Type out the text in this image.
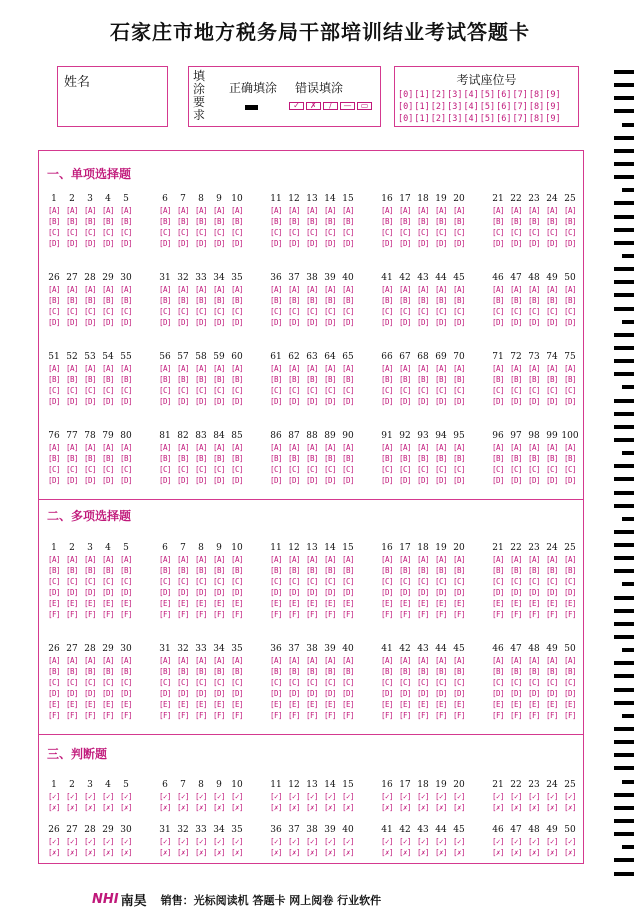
石家庄市地方税务局干部培训结业考试答题卡
姓名	填涂要求
正确填涂 错误填涂
✓	✗	/	—	▭
考试座位号
[0] [1] [2] [3] [4] [5] [6] [7] [8] [9]
[0] [1] [2] [3] [4] [5] [6] [7] [8] [9]
[0] [1] [2] [3] [4] [5] [6] [7] [8] [9]
一、单项选择题
1	2	3	4	5
[A] [A] [A] [A] [A]
[B] [B] [B] [B] [B]
[C] [C] [C] [C] [C]
[D] [D] [D] [D] [D]
6	7	8	9	10
[A] [A] [A] [A] [A]
[B] [B] [B] [B] [B]
[C] [C] [C] [C] [C]
[D] [D] [D] [D] [D]
11 12 13 14 15
[A] [A] [A] [A] [A]
[B] [B] [B] [B] [B]
[C] [C] [C] [C] [C]
[D] [D] [D] [D] [D]
16 17 18 19 20
[A] [A] [A] [A] [A]
[B] [B] [B] [B] [B]
[C] [C] [C] [C] [C]
[D] [D] [D] [D] [D]
21 22 23 24 25
[A] [A] [A] [A] [A]
[B] [B] [B] [B] [B]
[C] [C] [C] [C] [C]
[D] [D] [D] [D] [D]
26 27 28 29 30
[A] [A] [A] [A] [A]
[B] [B] [B] [B] [B]
[C] [C] [C] [C] [C]
[D] [D] [D] [D] [D]
31 32 33 34 35
[A] [A] [A] [A] [A]
[B] [B] [B] [B] [B]
[C] [C] [C] [C] [C]
[D] [D] [D] [D] [D]
36 37 38 39 40
[A] [A] [A] [A] [A]
[B] [B] [B] [B] [B]
[C] [C] [C] [C] [C]
[D] [D] [D] [D] [D]
41 42 43 44 45
[A] [A] [A] [A] [A]
[B] [B] [B] [B] [B]
[C] [C] [C] [C] [C]
[D] [D] [D] [D] [D]
46 47 48 49 50
[A] [A] [A] [A] [A]
[B] [B] [B] [B] [B]
[C] [C] [C] [C] [C]
[D] [D] [D] [D] [D]
51 52 53 54 55
[A] [A] [A] [A] [A]
[B] [B] [B] [B] [B]
[C] [C] [C] [C] [C]
[D] [D] [D] [D] [D]
56 57 58 59 60
[A] [A] [A] [A] [A]
[B] [B] [B] [B] [B]
[C] [C] [C] [C] [C]
[D] [D] [D] [D] [D]
61 62 63 64 65
[A] [A] [A] [A] [A]
[B] [B] [B] [B] [B]
[C] [C] [C] [C] [C]
[D] [D] [D] [D] [D]
66 67 68 69 70
[A] [A] [A] [A] [A]
[B] [B] [B] [B] [B]
[C] [C] [C] [C] [C]
[D] [D] [D] [D] [D]
71 72 73 74 75
[A] [A] [A] [A] [A]
[B] [B] [B] [B] [B]
[C] [C] [C] [C] [C]
[D] [D] [D] [D] [D]
76 77 78 79 80
[A] [A] [A] [A] [A]
[B] [B] [B] [B] [B]
[C] [C] [C] [C] [C]
[D] [D] [D] [D] [D]
81 82 83 84 85
[A] [A] [A] [A] [A]
[B] [B] [B] [B] [B]
[C] [C] [C] [C] [C]
[D] [D] [D] [D] [D]
86 87 88 89 90
[A] [A] [A] [A] [A]
[B] [B] [B] [B] [B]
[C] [C] [C] [C] [C]
[D] [D] [D] [D] [D]
91 92 93 94 95
[A] [A] [A] [A] [A]
[B] [B] [B] [B] [B]
[C] [C] [C] [C] [C]
[D] [D] [D] [D] [D]
96 97 98 99 100
[A] [A] [A] [A] [A]
[B] [B] [B] [B] [B]
[C] [C] [C] [C] [C]
[D] [D] [D] [D] [D]
二、多项选择题
1	2	3	4	5
[A] [A] [A] [A] [A]
[B] [B] [B] [B] [B]
[C] [C] [C] [C] [C]
[D] [D] [D] [D] [D]
[E] [E] [E] [E] [E]
[F] [F] [F] [F] [F]
6	7	8	9	10
[A] [A] [A] [A] [A]
[B] [B] [B] [B] [B]
[C] [C] [C] [C] [C]
[D] [D] [D] [D] [D]
[E] [E] [E] [E] [E]
[F] [F] [F] [F] [F]
11 12 13 14 15
[A] [A] [A] [A] [A]
[B] [B] [B] [B] [B]
[C] [C] [C] [C] [C]
[D] [D] [D] [D] [D]
[E] [E] [E] [E] [E]
[F] [F] [F] [F] [F]
16 17 18 19 20
[A] [A] [A] [A] [A]
[B] [B] [B] [B] [B]
[C] [C] [C] [C] [C]
[D] [D] [D] [D] [D]
[E] [E] [E] [E] [E]
[F] [F] [F] [F] [F]
21 22 23 24 25
[A] [A] [A] [A] [A]
[B] [B] [B] [B] [B]
[C] [C] [C] [C] [C]
[D] [D] [D] [D] [D]
[E] [E] [E] [E] [E]
[F] [F] [F] [F] [F]
26 27 28 29 30
[A] [A] [A] [A] [A]
[B] [B] [B] [B] [B]
[C] [C] [C] [C] [C]
[D] [D] [D] [D] [D]
[E] [E] [E] [E] [E]
[F] [F] [F] [F] [F]
31 32 33 34 35
[A] [A] [A] [A] [A]
[B] [B] [B] [B] [B]
[C] [C] [C] [C] [C]
[D] [D] [D] [D] [D]
[E] [E] [E] [E] [E]
[F] [F] [F] [F] [F]
36 37 38 39 40
[A] [A] [A] [A] [A]
[B] [B] [B] [B] [B]
[C] [C] [C] [C] [C]
[D] [D] [D] [D] [D]
[E] [E] [E] [E] [E]
[F] [F] [F] [F] [F]
41 42 43 44 45
[A] [A] [A] [A] [A]
[B] [B] [B] [B] [B]
[C] [C] [C] [C] [C]
[D] [D] [D] [D] [D]
[E] [E] [E] [E] [E]
[F] [F] [F] [F] [F]
46 47 48 49 50
[A] [A] [A] [A] [A]
[B] [B] [B] [B] [B]
[C] [C] [C] [C] [C]
[D] [D] [D] [D] [D]
[E] [E] [E] [E] [E]
[F] [F] [F] [F] [F]
三、判断题
1	2	3	4	5
[✓] [✓] [✓] [✓] [✓]
[✗] [✗] [✗] [✗] [✗]
6	7	8	9	10
[✓] [✓] [✓] [✓] [✓]
[✗] [✗] [✗] [✗] [✗]
11 12 13 14 15
[✓] [✓] [✓] [✓] [✓]
[✗] [✗] [✗] [✗] [✗]
16 17 18 19 20
[✓] [✓] [✓] [✓] [✓]
[✗] [✗] [✗] [✗] [✗]
21 22 23 24 25
[✓] [✓] [✓] [✓] [✓]
[✗] [✗] [✗] [✗] [✗]
26 27 28 29 30
[✓] [✓] [✓] [✓] [✓]
[✗] [✗] [✗] [✗] [✗]
31 32 33 34 35
[✓] [✓] [✓] [✓] [✓]
[✗] [✗] [✗] [✗] [✗]
36 37 38 39 40
[✓] [✓] [✓] [✓] [✓]
[✗] [✗] [✗] [✗] [✗]
41 42 43 44 45
[✓] [✓] [✓] [✓] [✓]
[✗] [✗] [✗] [✗] [✗]
46 47 48 49 50
[✓] [✓] [✓] [✓] [✓]
[✗] [✗] [✗] [✗] [✗]
NHI 南昊 销售：光标阅读机 答题卡 网上阅卷 行业软件
